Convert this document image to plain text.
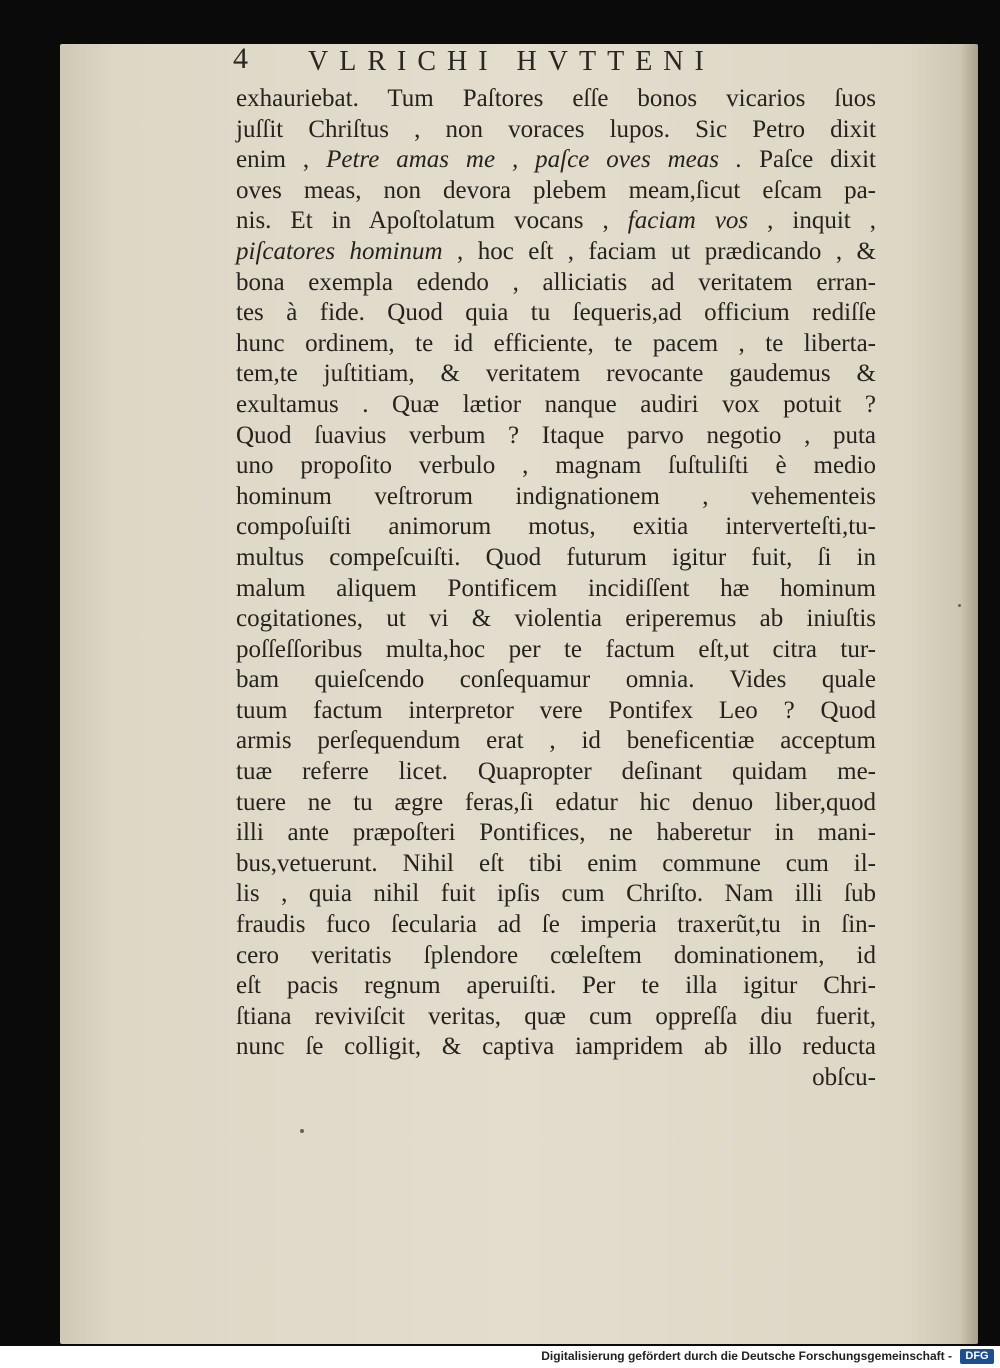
4 VLRICHI HVTTENI
exhauriebat. Tum Paſtores eſſe bonos vicarios ſuos
juſſit Chriſtus , non voraces lupos. Sic Petro dixit
enim , Petre amas me , paſce oves meas . Paſce dixit
oves meas, non devora plebem meam,ſicut eſcam pa-
nis. Et in Apoſtolatum vocans , faciam vos , inquit ,
piſcatores hominum , hoc eſt , faciam ut prædicando , &
bona exempla edendo , alliciatis ad veritatem erran-
tes à fide. Quod quia tu ſequeris,ad officium rediſſe
hunc ordinem, te id efficiente, te pacem , te liberta-
tem,te juſtitiam, & veritatem revocante gaudemus &
exultamus . Quæ lætior nanque audiri vox potuit ?
Quod ſuavius verbum ? Itaque parvo negotio , puta
uno propoſito verbulo , magnam ſuſtuliſti è medio
hominum veſtrorum indignationem , vehementeis
compoſuiſti animorum motus, exitia interverteſti,tu-
multus compeſcuiſti. Quod futurum igitur fuit, ſi in
malum aliquem Pontificem incidiſſent hæ hominum
cogitationes, ut vi & violentia eriperemus ab iniuſtis
poſſeſſoribus multa,hoc per te factum eſt,ut citra tur-
bam quieſcendo conſequamur omnia. Vides quale
tuum factum interpretor vere Pontifex Leo ? Quod
armis perſequendum erat , id beneficentiæ acceptum
tuæ referre licet. Quapropter deſinant quidam me-
tuere ne tu ægre feras,ſi edatur hic denuo liber,quod
illi ante præpoſteri Pontifices, ne haberetur in mani-
bus,vetuerunt. Nihil eſt tibi enim commune cum il-
lis , quia nihil fuit ipſis cum Chriſto. Nam illi ſub
fraudis fuco ſecularia ad ſe imperia traxerũt,tu in ſin-
cero veritatis ſplendore cœleſtem dominationem, id
eſt pacis regnum aperuiſti. Per te illa igitur Chri-
ſtiana reviviſcit veritas, quæ cum oppreſſa diu fuerit,
nunc ſe colligit, & captiva iampridem ab illo reducta
obſcu-
Digitalisierung gefördert durch die Deutsche Forschungsgemeinschaft -	DFG
